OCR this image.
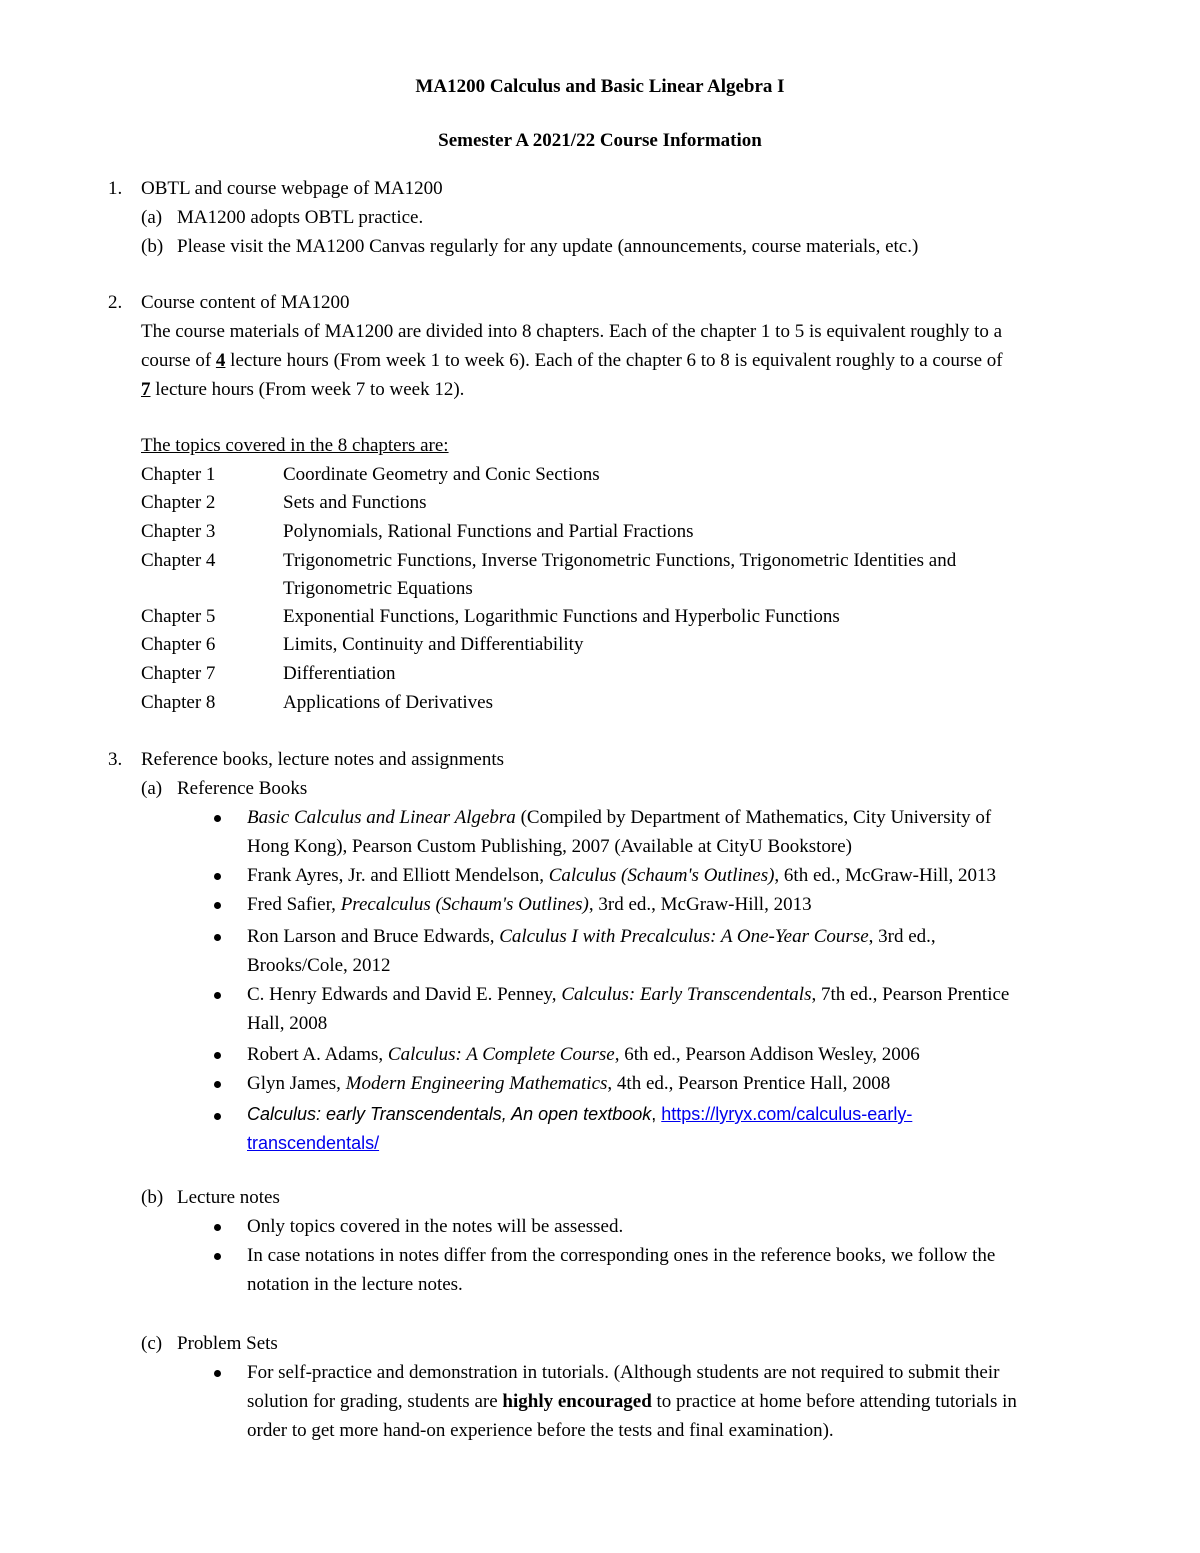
MA1200 Calculus and Basic Linear Algebra I
Semester A 2021/22 Course Information
1. OBTL and course webpage of MA1200
(a) MA1200 adopts OBTL practice.
(b) Please visit the MA1200 Canvas regularly for any update (announcements, course materials, etc.)
2. Course content of MA1200
The course materials of MA1200 are divided into 8 chapters. Each of the chapter 1 to 5 is equivalent roughly to a
course of 4 lecture hours (From week 1 to week 6). Each of the chapter 6 to 8 is equivalent roughly to a course of
7 lecture hours (From week 7 to week 12).
The topics covered in the 8 chapters are:
Chapter 1	Coordinate Geometry and Conic Sections
Chapter 2	Sets and Functions
Chapter 3	Polynomials, Rational Functions and Partial Fractions
Chapter 4	Trigonometric Functions, Inverse Trigonometric Functions, Trigonometric Identities and
Trigonometric Equations
Chapter 5	Exponential Functions, Logarithmic Functions and Hyperbolic Functions
Chapter 6	Limits, Continuity and Differentiability
Chapter 7	Differentiation
Chapter 8	Applications of Derivatives
3. Reference books, lecture notes and assignments
(a) Reference Books
Basic Calculus and Linear Algebra (Compiled by Department of Mathematics, City University of
Hong Kong), Pearson Custom Publishing, 2007 (Available at CityU Bookstore)
Frank Ayres, Jr. and Elliott Mendelson, Calculus (Schaum's Outlines), 6th ed., McGraw-Hill, 2013
Fred Safier, Precalculus (Schaum's Outlines), 3rd ed., McGraw-Hill, 2013
Ron Larson and Bruce Edwards, Calculus I with Precalculus: A One-Year Course, 3rd ed.,
Brooks/Cole, 2012
C. Henry Edwards and David E. Penney, Calculus: Early Transcendentals, 7th ed., Pearson Prentice
Hall, 2008
Robert A. Adams, Calculus: A Complete Course, 6th ed., Pearson Addison Wesley, 2006
Glyn James, Modern Engineering Mathematics, 4th ed., Pearson Prentice Hall, 2008
Calculus: early Transcendentals, An open textbook, https://lyryx.com/calculus-early-
transcendentals/
(b) Lecture notes
Only topics covered in the notes will be assessed.
In case notations in notes differ from the corresponding ones in the reference books, we follow the
notation in the lecture notes.
(c) Problem Sets
For self-practice and demonstration in tutorials. (Although students are not required to submit their
solution for grading, students are highly encouraged to practice at home before attending tutorials in
order to get more hand-on experience before the tests and final examination).
